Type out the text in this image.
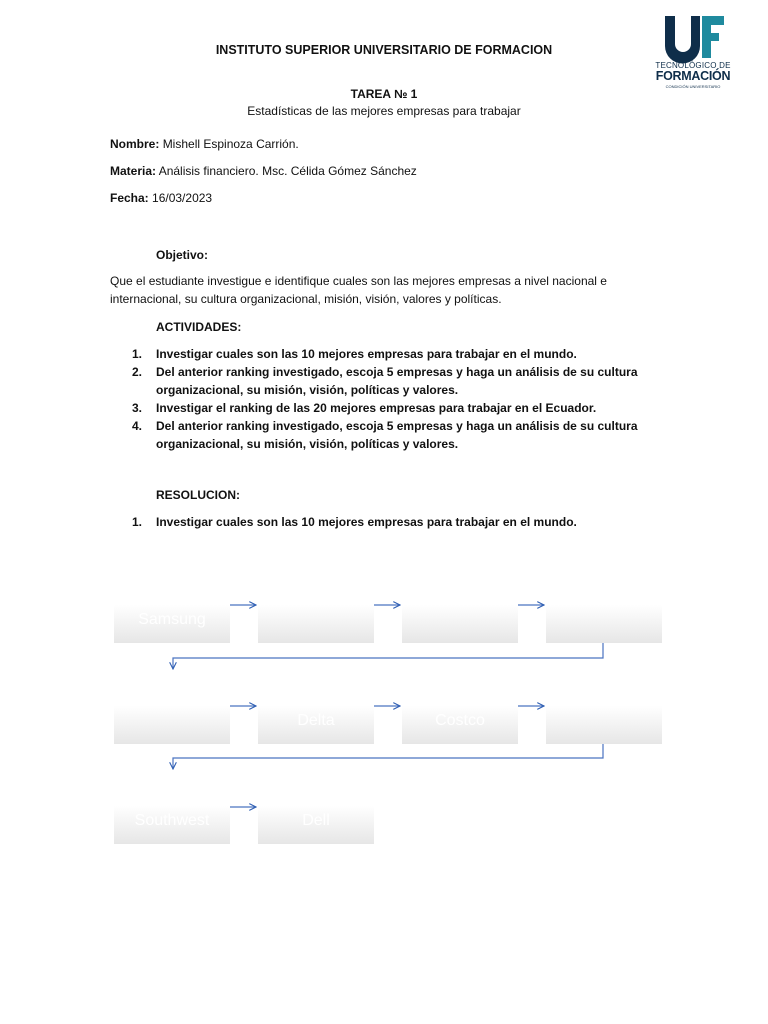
INSTITUTO SUPERIOR UNIVERSITARIO DE FORMACION
TAREA № 1
Estadísticas de las mejores empresas para trabajar
TECNOLÓGICO DE
FORMACIÓN
CONDICIÓN UNIVERSITARIO
Nombre: Mishell Espinoza Carrión.
Materia: Análisis financiero. Msc. Célida Gómez Sánchez
Fecha: 16/03/2023
Objetivo:
Que el estudiante investigue e identifique cuales son las mejores empresas a nivel nacional e internacional, su cultura organizacional, misión, visión, valores y políticas.
ACTIVIDADES:
1. Investigar cuales son las 10 mejores empresas para trabajar en el mundo.
2. Del anterior ranking investigado, escoja 5 empresas y haga un análisis de su cultura organizacional, su misión, visión, políticas y valores.
3. Investigar el ranking de las 20 mejores empresas para trabajar en el Ecuador.
4. Del anterior ranking investigado, escoja 5 empresas y haga un análisis de su cultura organizacional, su misión, visión, políticas y valores.
RESOLUCION:
1. Investigar cuales son las 10 mejores empresas para trabajar en el mundo.
Samsung
Delta	Costco
Southwest	Dell
